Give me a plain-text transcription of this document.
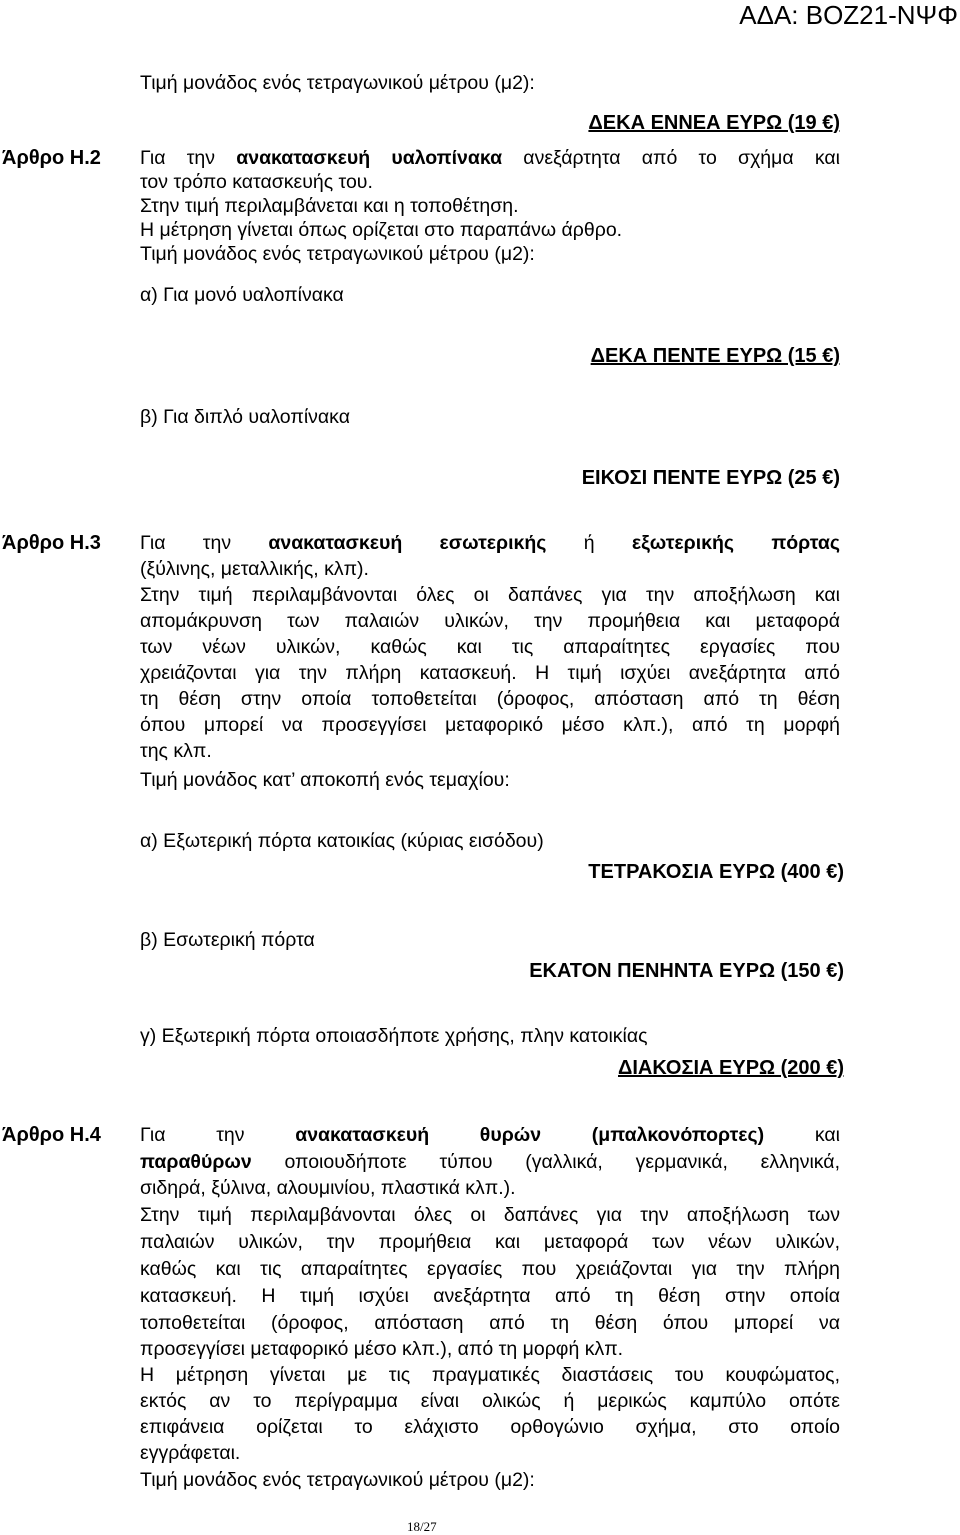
ΑΔΑ: ΒΟΖ21-ΝΨΦ
Τιμή μονάδος ενός τετραγωνικού μέτρου (μ2):
ΔΕΚΑ ΕΝΝΕΑ ΕΥΡΩ (19 €)
Άρθρο Η.2 Για την ανακατασκευή υαλοπίνακα ανεξάρτητα από το σχήμα και
τον τρόπο κατασκευής του.
Στην τιμή περιλαμβάνεται και η τοποθέτηση.
Η μέτρηση γίνεται όπως ορίζεται στο παραπάνω άρθρο.
Τιμή μονάδος ενός τετραγωνικού μέτρου (μ2):
α) Για μονό υαλοπίνακα
ΔΕΚΑ ΠΕΝΤΕ ΕΥΡΩ (15 €)
β) Για διπλό υαλοπίνακα
ΕΙΚΟΣΙ ΠΕΝΤΕ ΕΥΡΩ (25 €)
Άρθρο Η.3 Για την ανακατασκευή εσωτερικής ή εξωτερικής πόρτας
(ξύλινης, μεταλλικής, κλπ).
Στην τιμή περιλαμβάνονται όλες οι δαπάνες για την αποξήλωση και
απομάκρυνση των παλαιών υλικών, την προμήθεια και μεταφορά
των νέων υλικών, καθώς και τις απαραίτητες εργασίες που
χρειάζονται για την πλήρη κατασκευή. Η τιμή ισχύει ανεξάρτητα από
τη θέση στην οποία τοποθετείται (όροφος, απόσταση από τη θέση
όπου μπορεί να προσεγγίσει μεταφορικό μέσο κλπ.), από τη μορφή
της κλπ.
Τιμή μονάδος κατ’ αποκοπή ενός τεμαχίου:
α) Εξωτερική πόρτα κατοικίας (κύριας εισόδου)
ΤΕΤΡΑΚΟΣΙΑ ΕΥΡΩ (400 €)
β) Εσωτερική πόρτα
ΕΚΑΤΟΝ ΠΕΝΗΝΤΑ ΕΥΡΩ (150 €)
γ) Εξωτερική πόρτα οποιασδήποτε χρήσης, πλην κατοικίας
ΔΙΑΚΟΣΙΑ ΕΥΡΩ (200 €)
Άρθρο Η.4 Για την ανακατασκευή θυρών (μπαλκονόπορτες) και
παραθύρων οποιουδήποτε τύπου (γαλλικά, γερμανικά, ελληνικά,
σιδηρά, ξύλινα, αλουμινίου, πλαστικά κλπ.).
Στην τιμή περιλαμβάνονται όλες οι δαπάνες για την αποξήλωση των
παλαιών υλικών, την προμήθεια και μεταφορά των νέων υλικών,
καθώς και τις απαραίτητες εργασίες που χρειάζονται για την πλήρη
κατασκευή. Η τιμή ισχύει ανεξάρτητα από τη θέση στην οποία
τοποθετείται (όροφος, απόσταση από τη θέση όπου μπορεί να
προσεγγίσει μεταφορικό μέσο κλπ.), από τη μορφή κλπ.
Η μέτρηση γίνεται με τις πραγματικές διαστάσεις του κουφώματος,
εκτός αν το περίγραμμα είναι ολικώς ή μερικώς καμπύλο οπότε
επιφάνεια ορίζεται το ελάχιστο ορθογώνιο σχήμα, στο οποίο
εγγράφεται.
Τιμή μονάδος ενός τετραγωνικού μέτρου (μ2):
18/27
